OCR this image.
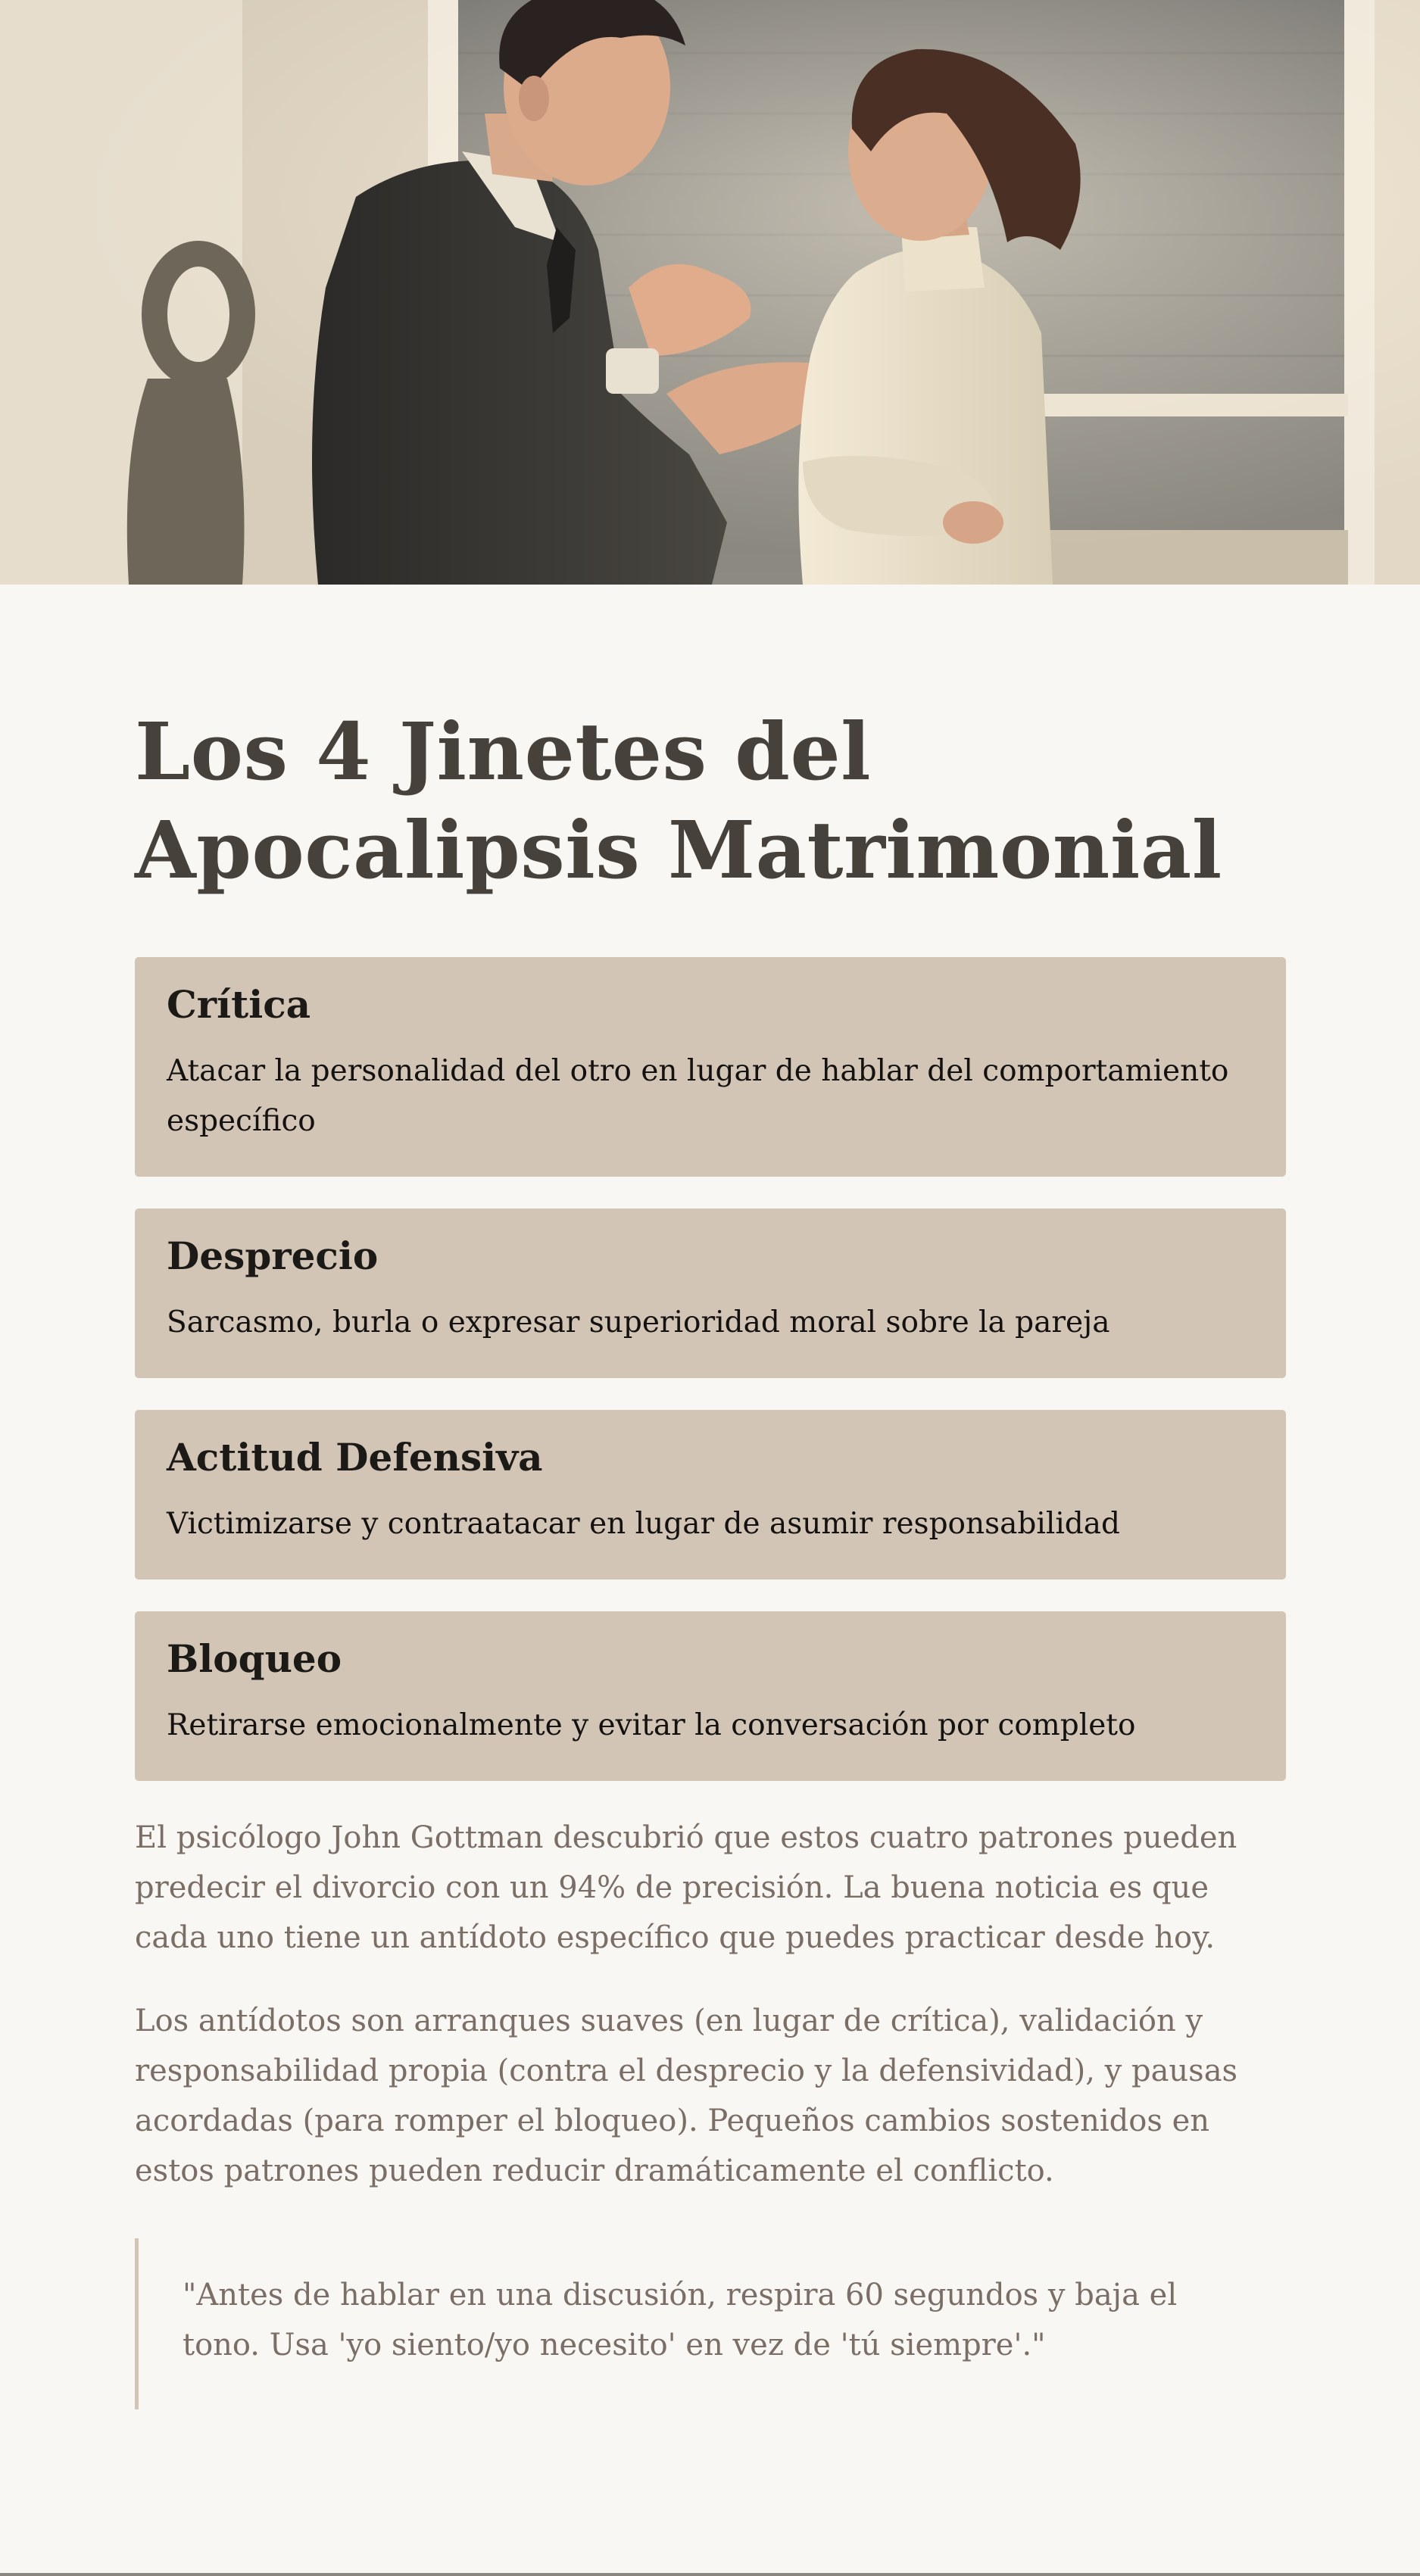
Los 4 Jinetes del Apocalipsis Matrimonial
Crítica

Atacar la personalidad del otro en lugar de hablar del comportamiento específico

Desprecio

Sarcasmo, burla o expresar superioridad moral sobre la pareja

Actitud Defensiva

Victimizarse y contraatacar en lugar de asumir responsabilidad

Bloqueo

Retirarse emocionalmente y evitar la conversación por completo

El psicólogo John Gottman descubrió que estos cuatro patrones pueden predecir el divorcio con un 94% de precisión. La buena noticia es que cada uno tiene un antídoto específico que puedes practicar desde hoy.

Los antídotos son arranques suaves (en lugar de crítica), validación y responsabilidad propia (contra el desprecio y la defensividad), y pausas acordadas (para romper el bloqueo). Pequeños cambios sostenidos en estos patrones pueden reducir dramáticamente el conflicto.

"Antes de hablar en una discusión, respira 60 segundos y baja el tono. Usa 'yo siento/yo necesito' en vez de 'tú siempre'."
